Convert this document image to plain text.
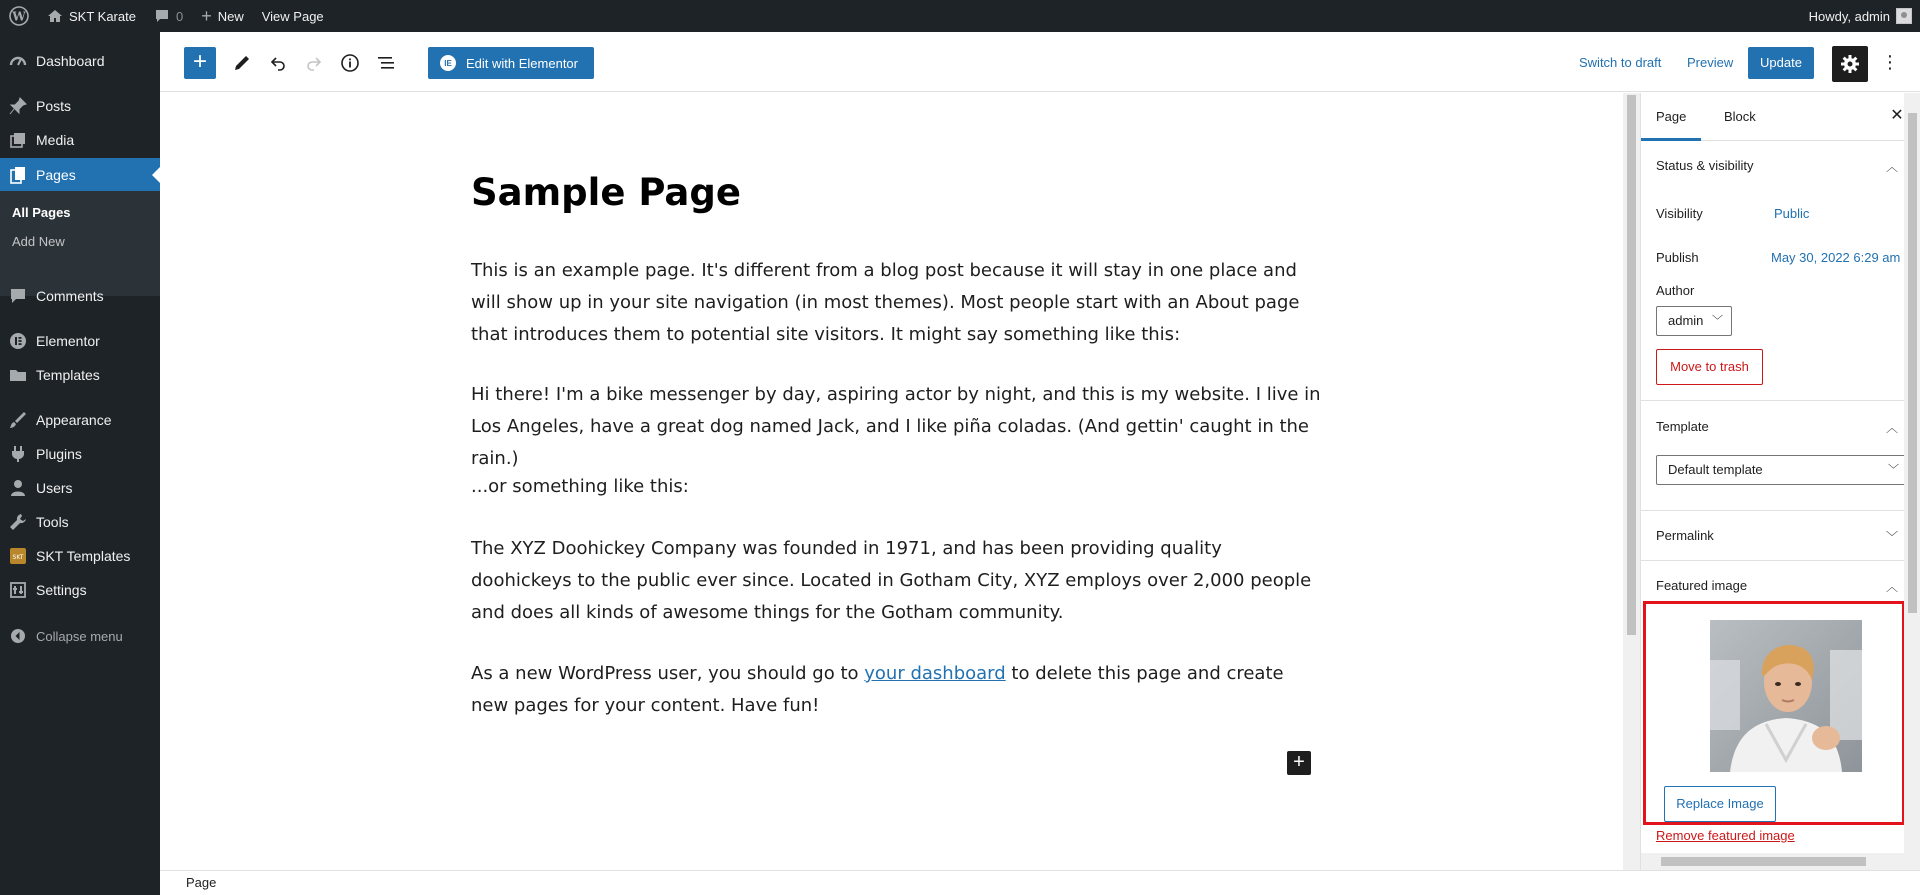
W	SKT Karate	0 + New View Page	Howdy, admin
Dashboard
Posts
Media
Pages
All Pages
Add New
Comments
Elementor
Templates
Appearance
Plugins
Users
Tools
SKT SKT Templates
Settings
Collapse menu
+	IE	Edit with Elementor	Switch to draft Preview	Update	⋮
Sample Page

This is an example page. It's different from a blog post because it will stay in one place and will show up in your site navigation (in most themes). Most people start with an About page that introduces them to potential site visitors. It might say something like this:

Hi there! I'm a bike messenger by day, aspiring actor by night, and this is my website. I live in Los Angeles, have a great dog named Jack, and I like piña coladas. (And gettin' caught in the rain.)

...or something like this:

The XYZ Doohickey Company was founded in 1971, and has been providing quality doohickeys to the public ever since. Located in Gotham City, XYZ employs over 2,000 people and does all kinds of awesome things for the Gotham community.

As a new WordPress user, you should go to your dashboard to delete this page and create new pages for your content. Have fun!

+
Page	Block	✕
Status & visibility	︿
Visibility	Public
Publish	May 30, 2022 6:29 am
Author
admin ﹀
Move to trash
Template	︿
Default template	﹀
Permalink	﹀
Featured image	︿
Replace Image
Remove featured image
Page
